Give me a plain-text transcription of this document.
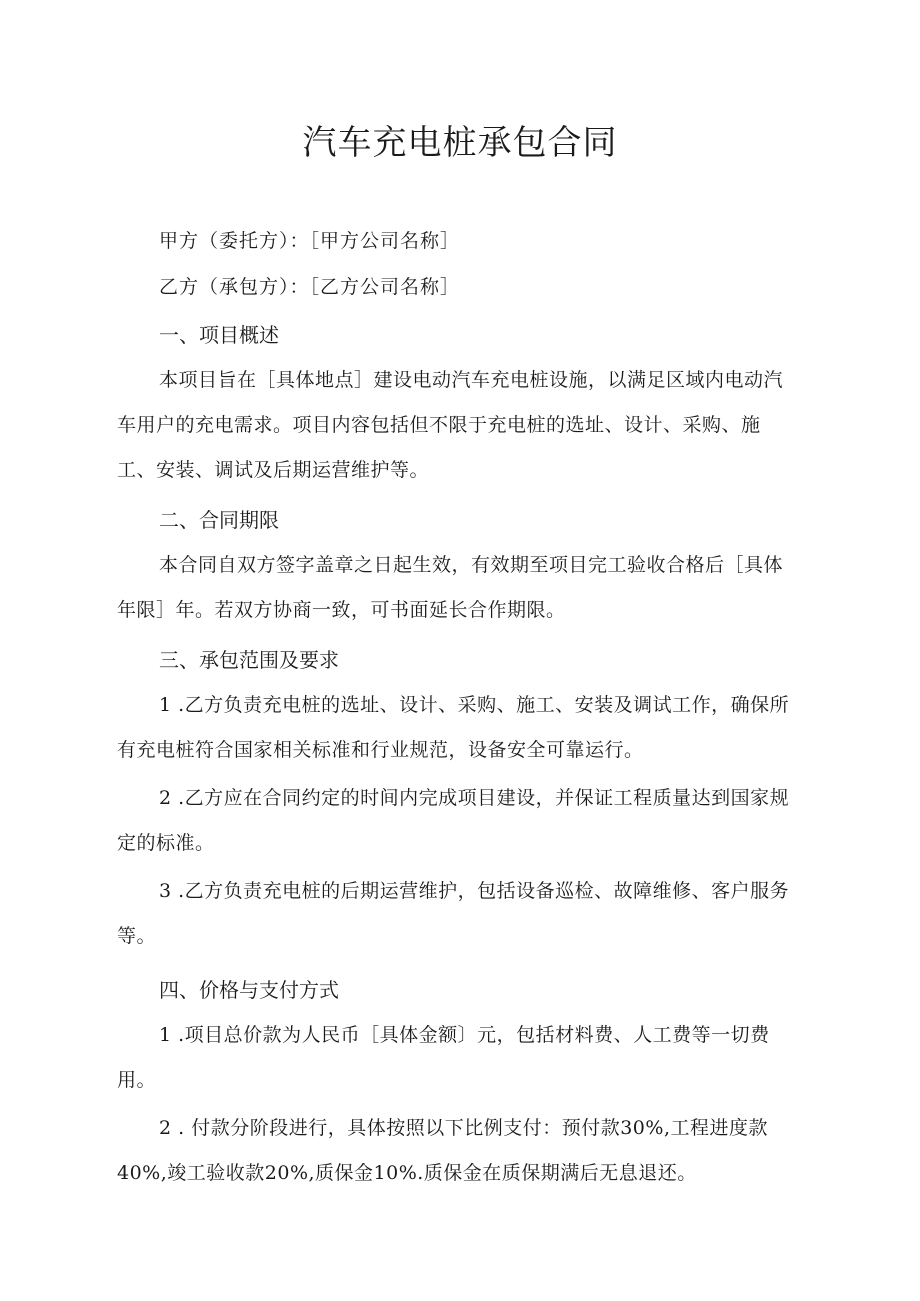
汽车充电桩承包合同
甲方（委托方）：［甲方公司名称］
乙方（承包方）：［乙方公司名称］
一、项目概述

本项目旨在［具体地点］建设电动汽车充电桩设施，以满足区域内电动汽车用户的充电需求。项目内容包括但不限于充电桩的选址、设计、采购、施工、安装、调试及后期运营维护等。

二、合同期限

本合同自双方签字盖章之日起生效，有效期至项目完工验收合格后［具体年限］年。若双方协商一致，可书面延长合作期限。

三、承包范围及要求

1 .乙方负责充电桩的选址、设计、采购、施工、安装及调试工作，确保所有充电桩符合国家相关标准和行业规范，设备安全可靠运行。

2 .乙方应在合同约定的时间内完成项目建设，并保证工程质量达到国家规定的标准。

3 .乙方负责充电桩的后期运营维护，包括设备巡检、故障维修、客户服务等。

四、价格与支付方式

1 .项目总价款为人民币［具体金额〕元，包括材料费、人工费等一切费用。

2 . 付款分阶段进行，具体按照以下比例支付：预付款30%,工程进度款40%,竣工验收款20%,质保金10%.质保金在质保期满后无息退还。
